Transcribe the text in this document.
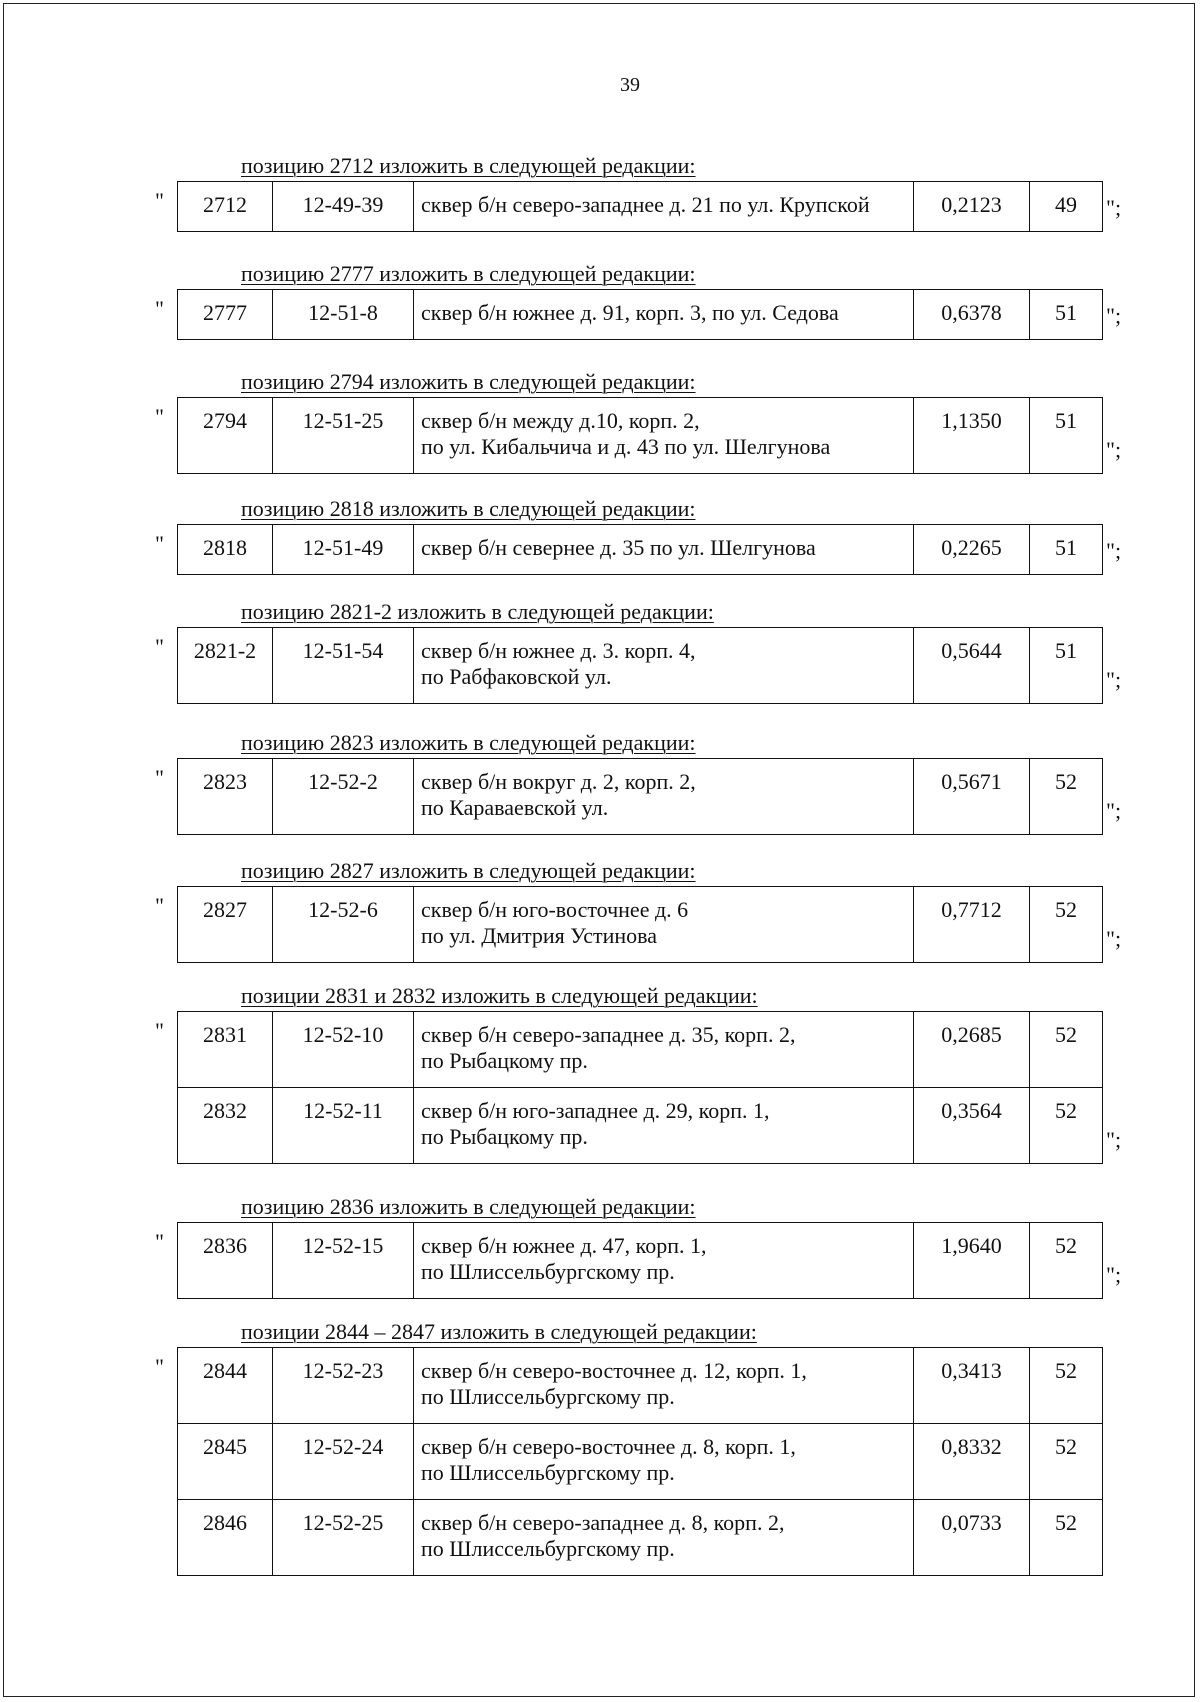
39
позицию 2712 изложить в следующей редакции:
" 2712	12-49-39	сквер б/н северо-западнее д. 21 по ул. Крупской	0,2123	49 ";
позицию 2777 изложить в следующей редакции:
" 2777	12-51-8	сквер б/н южнее д. 91, корп. 3, по ул. Седова	0,6378	51 ";
позицию 2794 изложить в следующей редакции:
" 2794	12-51-25	сквер б/н между д.10, корп. 2,
по ул. Кибальчича и д. 43 по ул. Шелгунова
	1,1350	51
";
позицию 2818 изложить в следующей редакции:
" 2818	12-51-49	сквер б/н севернее д. 35 по ул. Шелгунова	0,2265	51 ";
позицию 2821-2 изложить в следующей редакции:
" 2821-2	12-51-54	сквер б/н южнее д. 3. корп. 4,
по Рабфаковской ул.
	0,5644	51
";
позицию 2823 изложить в следующей редакции:
" 2823	12-52-2	сквер б/н вокруг д. 2, корп. 2,
по Караваевской ул.
	0,5671	52
";
позицию 2827 изложить в следующей редакции:
" 2827	12-52-6	сквер б/н юго-восточнее д. 6
по ул. Дмитрия Устинова
	0,7712	52
";
позиции 2831 и 2832 изложить в следующей редакции:
" 2831	12-52-10	сквер б/н северо-западнее д. 35, корп. 2,
по Рыбацкому пр.	0,2685	52
2832	12-52-11	сквер б/н юго-западнее д. 29, корп. 1,
по Рыбацкому пр.	0,3564	52
";
позицию 2836 изложить в следующей редакции:
" 2836	12-52-15	сквер б/н южнее д. 47, корп. 1,
по Шлиссельбургскому пр.
	1,9640	52
";
позиции 2844 – 2847 изложить в следующей редакции:
" 2844	12-52-23	сквер б/н северо-восточнее д. 12, корп. 1,
по Шлиссельбургскому пр.	0,3413	52
2845	12-52-24	сквер б/н северо-восточнее д. 8, корп. 1,
по Шлиссельбургскому пр.	0,8332	52
2846	12-52-25	сквер б/н северо-западнее д. 8, корп. 2,
по Шлиссельбургскому пр.	0,0733	52
